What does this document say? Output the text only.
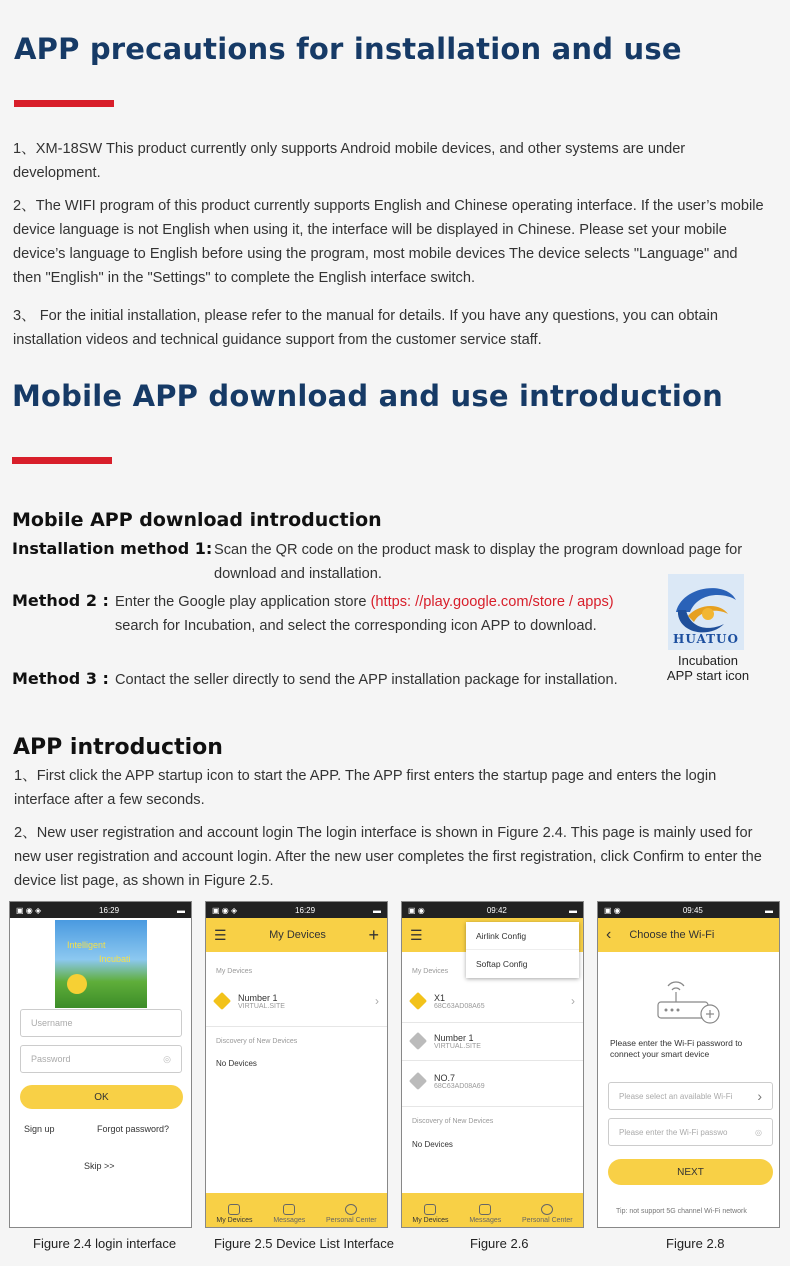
APP precautions for installation and use
1、XM-18SW This product currently only supports Android mobile devices, and other systems are under development.
2、The WIFI program of this product currently supports English and Chinese operating interface. If the user’s mobile device language is not English when using it, the interface will be displayed in Chinese. Please set your mobile device’s language to English before using the program, most mobile devices The device selects "Language" and then "English" in the "Settings" to complete the English interface switch.
3、 For the initial installation, please refer to the manual for details. If you have any questions, you can obtain installation videos and technical guidance support from the customer service staff.
Mobile APP download and use introduction
Mobile APP download introduction
Installation method 1: Scan the QR code on the product mask to display the program download page for download and installation.
Method 2 : Enter the Google play application store (https: //play.google.com/store / apps) search for Incubation, and select the corresponding icon APP to download.
Method 3 : Contact the seller directly to send the APP installation package for installation.
HUATUO
Incubation
APP start icon
APP introduction
1、First click the APP startup icon to start the APP. The APP first enters the startup page and enters the login interface after a few seconds.
2、New user registration and account login The login interface is shown in Figure 2.4. This page is mainly used for new user registration and account login. After the new user completes the first registration, click Confirm to enter the device list page, as shown in Figure 2.5.
▣ ◉ ◈	16:29	▬
Intelligent
Incubati
Username
Password	◎
OK
Sign up	Forgot password?
Skip >>
Figure 2.4 login interface
▣ ◉ ◈	16:29	▬
☰	My Devices +
My Devices
Number 1
VIRTUAL.SITE	›
Discovery of New Devices
No Devices
My Devices	Messages	Personal Center
Figure 2.5 Device List Interface
▣ ◉	09:42	▬
☰	Airlink Config
Softap Config
My Devices
X1
68C63AD08A65	›
Number 1
VIRTUAL.SITE
NO.7
68C63AD08A69
Discovery of New Devices
No Devices
My Devices	Messages	Personal Center
Figure 2.6
▣ ◉	09:45	▬
‹ Choose the Wi-Fi
Please enter the Wi-Fi password to connect your smart device
Please select an available Wi-Fi	›
Please enter the Wi-Fi passwo	◎
NEXT
Tip: not support 5G channel Wi-Fi network
Figure 2.8
